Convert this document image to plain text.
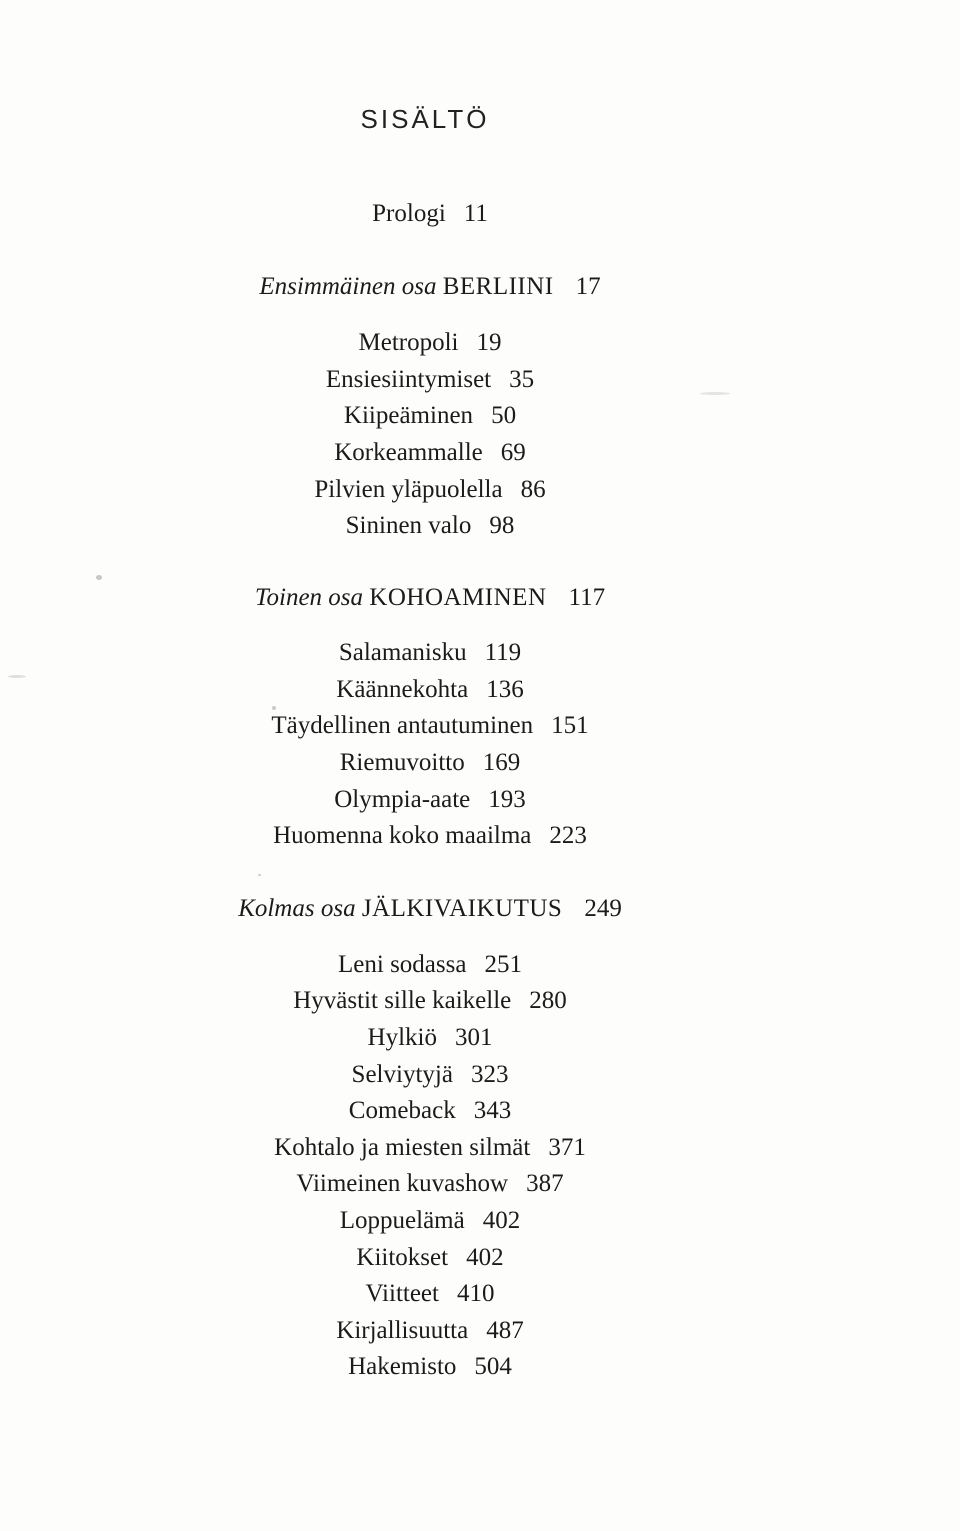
SISÄLTÖ
Prologi 11
Ensimmäinen osa BERLIINI 17
Metropoli 19
Ensiesiintymiset 35
Kiipeäminen 50
Korkeammalle 69
Pilvien yläpuolella 86
Sininen valo 98
Toinen osa KOHOAMINEN 117
Salamanisku 119
Käännekohta 136
Täydellinen antautuminen 151
Riemuvoitto 169
Olympia-aate 193
Huomenna koko maailma 223
Kolmas osa JÄLKIVAIKUTUS 249
Leni sodassa 251
Hyvästit sille kaikelle 280
Hylkiö 301
Selviytyjä 323
Comeback 343
Kohtalo ja miesten silmät 371
Viimeinen kuvashow 387
Loppuelämä 402
Kiitokset 402
Viitteet 410
Kirjallisuutta 487
Hakemisto 504
